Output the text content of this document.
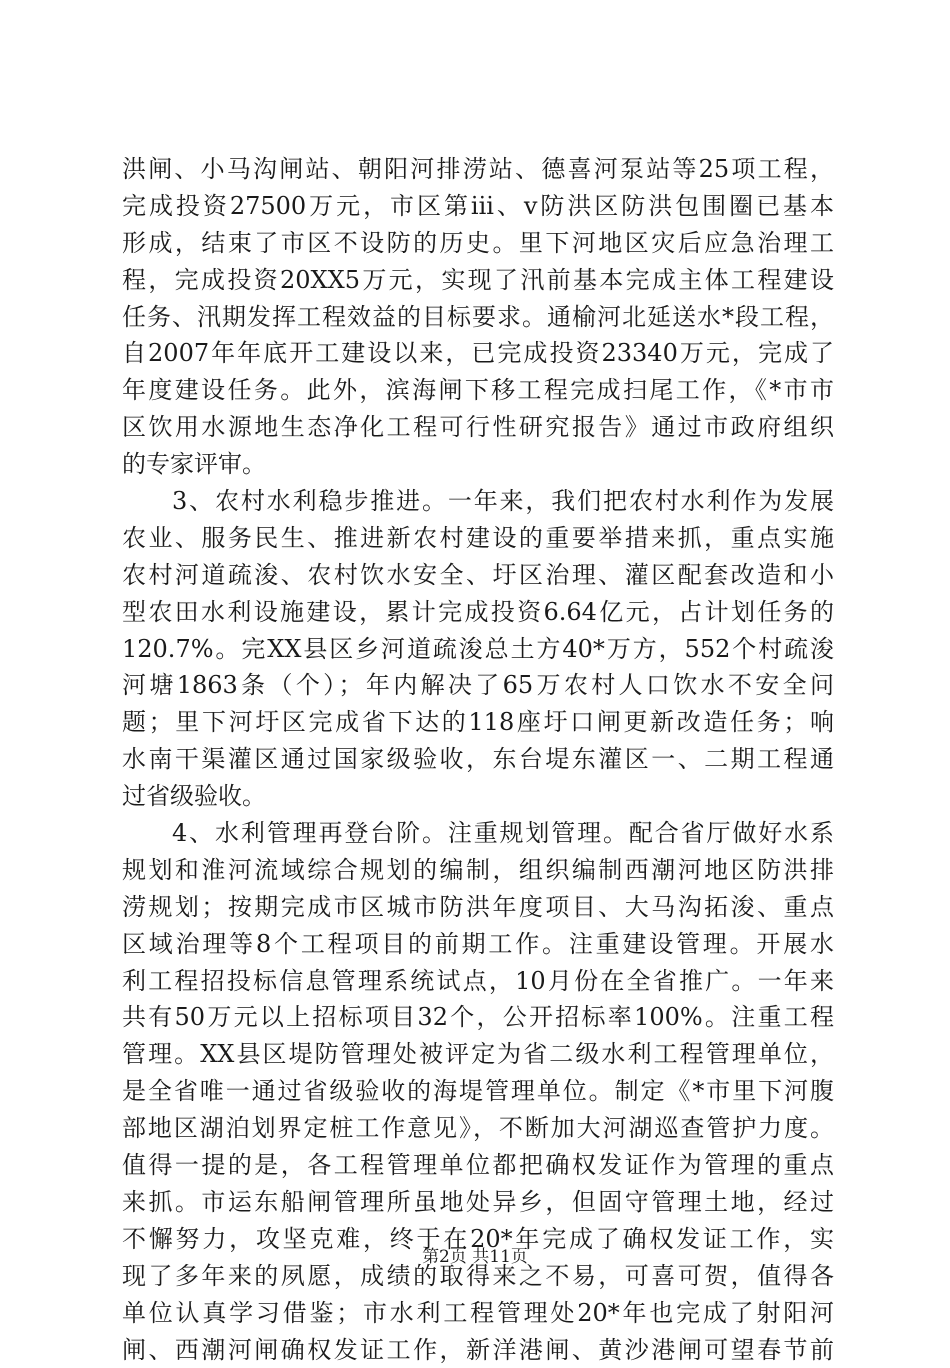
洪闸、小马沟闸站、朝阳河排涝站、德喜河泵站等25项工程，
完成投资27500万元，市区第iii、v防洪区防洪包围圈已基本
形成，结束了市区不设防的历史。里下河地区灾后应急治理工
程，完成投资20XX5万元，实现了汛前基本完成主体工程建设
任务、汛期发挥工程效益的目标要求。通榆河北延送水*段工程，
自2007年年底开工建设以来，已完成投资23340万元，完成了
年度建设任务。此外，滨海闸下移工程完成扫尾工作，《*市市
区饮用水源地生态净化工程可行性研究报告》通过市政府组织
的专家评审。
3、农村水利稳步推进。一年来，我们把农村水利作为发展
农业、服务民生、推进新农村建设的重要举措来抓，重点实施
农村河道疏浚、农村饮水安全、圩区治理、灌区配套改造和小
型农田水利设施建设，累计完成投资6.64亿元，占计划任务的
120.7%。完XX县区乡河道疏浚总土方40*万方，552个村疏浚
河塘1863条（个）；年内解决了65万农村人口饮水不安全问
题；里下河圩区完成省下达的118座圩口闸更新改造任务；响
水南干渠灌区通过国家级验收，东台堤东灌区一、二期工程通
过省级验收。
4、水利管理再登台阶。注重规划管理。配合省厅做好水系
规划和淮河流域综合规划的编制，组织编制西潮河地区防洪排
涝规划；按期完成市区城市防洪年度项目、大马沟拓浚、重点
区域治理等8个工程项目的前期工作。注重建设管理。开展水
利工程招投标信息管理系统试点，10月份在全省推广。一年来
共有50万元以上招标项目32个，公开招标率100%。注重工程
管理。XX县区堤防管理处被评定为省二级水利工程管理单位，
是全省唯一通过省级验收的海堤管理单位。制定《*市里下河腹
部地区湖泊划界定桩工作意见》，不断加大河湖巡查管护力度。
值得一提的是，各工程管理单位都把确权发证作为管理的重点
来抓。市运东船闸管理所虽地处异乡，但固守管理土地，经过
不懈努力，攻坚克难，终于在20*年完成了确权发证工作，实
现了多年来的夙愿，成绩的取得来之不易，可喜可贺，值得各
单位认真学习借鉴；市水利工程管理处20*年也完成了射阳河
闸、西潮河闸确权发证工作，新洋港闸、黄沙港闸可望春节前
第2页 共11页
